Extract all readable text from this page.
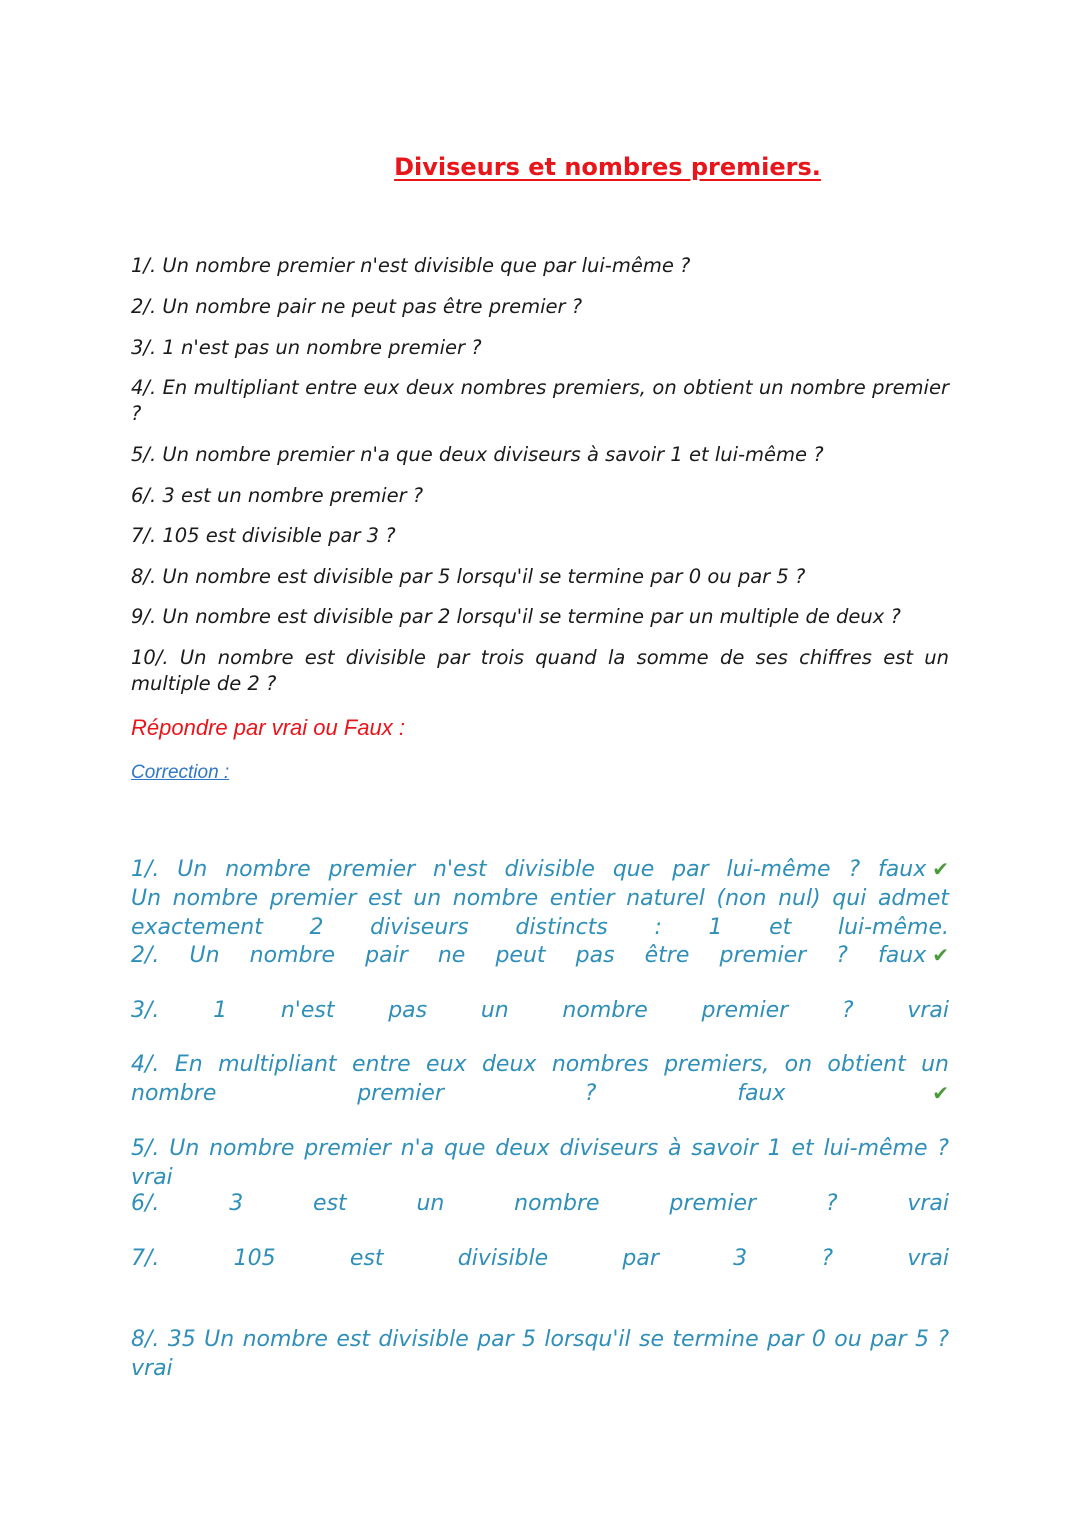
Diviseurs et nombres premiers.
1/. Un nombre premier n'est divisible que par lui-même ?
2/. Un nombre pair ne peut pas être premier ?
3/. 1 n'est pas un nombre premier ?
4/. En multipliant entre eux deux nombres premiers, on obtient un nombre premier ?
5/. Un nombre premier n'a que deux diviseurs à savoir 1 et lui-même ?
6/. 3 est un nombre premier ?
7/. 105 est divisible par 3 ?
8/. Un nombre est divisible par 5 lorsqu'il se termine par 0 ou par 5 ?
9/. Un nombre est divisible par 2 lorsqu'il se termine par un multiple de deux ?
10/. Un nombre est divisible par trois quand la somme de ses chiffres est un multiple de 2 ?
Répondre par vrai ou Faux :
Correction :
1/. Un nombre premier n'est divisible que par lui-même ? faux ✔
Un nombre premier est un nombre entier naturel (non nul) qui admet exactement 2 diviseurs distincts : 1 et lui-même.
2/. Un nombre pair ne peut pas être premier ? faux ✔
3/. 1 n'est pas un nombre premier ? vrai
4/. En multipliant entre eux deux nombres premiers, on obtient un nombre premier ? faux	✔
5/. Un nombre premier n'a que deux diviseurs à savoir 1 et lui-même ? vrai
6/. 3 est un nombre premier ? vrai
7/. 105 est divisible par 3 ? vrai
8/. 35 Un nombre est divisible par 5 lorsqu'il se termine par 0 ou par 5 ? vrai
